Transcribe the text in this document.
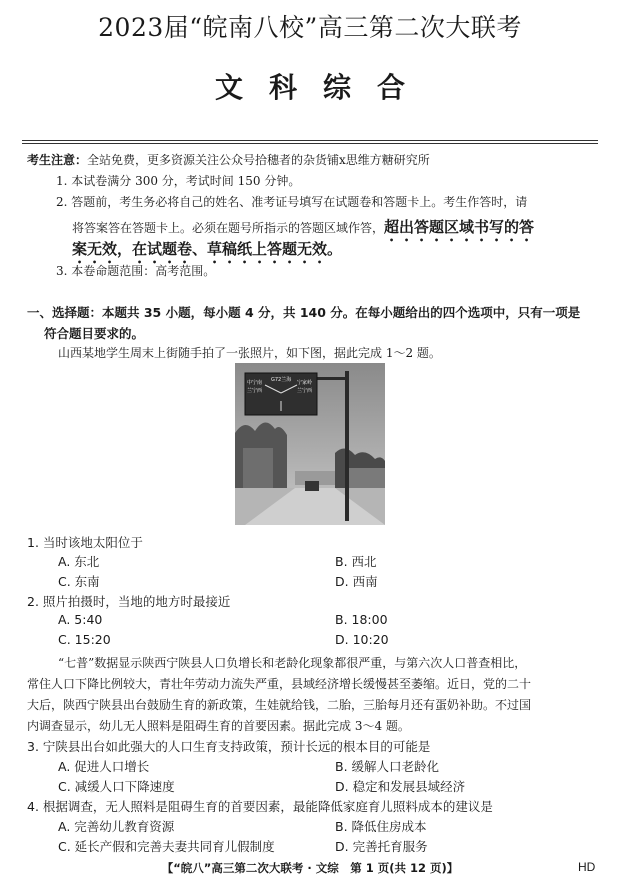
2023届“皖南八校”高三第二次大联考
文科综合
考生注意：全站免费，更多资源关注公众号拾穗者的杂货铺x思维方糖研究所
1. 本试卷满分 300 分，考试时间 150 分钟。
2. 答题前，考生务必将自己的姓名、准考证号填写在试题卷和答题卡上。考生作答时，请
将答案答在答题卡上。必须在题号所指示的答题区域作答，超出答题区域书写的答
案无效，在试题卷、草稿纸上答题无效。
3. 本卷命题范围：高考范围。
一、选择题：本题共 35 小题，每小题 4 分，共 140 分。在每小题给出的四个选项中，只有一项是
符合题目要求的。
山西某地学生周末上街随手拍了一张照片，如下图，据此完成 1～2 题。
中宁南
兰宁西
G72兰海 宁家岭
兰宁西
1. 当时该地太阳位于
A. 东北	B. 西北
C. 东南	D. 西南
2. 照片拍摄时，当地的地方时最接近
A. 5:40	B. 18:00
C. 15:20	D. 10:20
“七普”数据显示陕西宁陕县人口负增长和老龄化现象都很严重，与第六次人口普查相比，
常住人口下降比例较大，青壮年劳动力流失严重，县域经济增长缓慢甚至萎缩。近日，党的二十
大后，陕西宁陕县出台鼓励生育的新政策，生娃就给钱，二胎，三胎每月还有蛋奶补助。不过国
内调查显示，幼儿无人照料是阻碍生育的首要因素。据此完成 3～4 题。
3. 宁陕县出台如此强大的人口生育支持政策，预计长远的根本目的可能是
A. 促进人口增长	B. 缓解人口老龄化
C. 减缓人口下降速度	D. 稳定和发展县域经济
4. 根据调查，无人照料是阻碍生育的首要因素，最能降低家庭育儿照料成本的建议是
A. 完善幼儿教育资源	B. 降低住房成本
C. 延长产假和完善夫妻共同育儿假制度	D. 完善托育服务
【“皖八”高三第二次大联考 · 文综　第 1 页(共 12 页)】	HD
